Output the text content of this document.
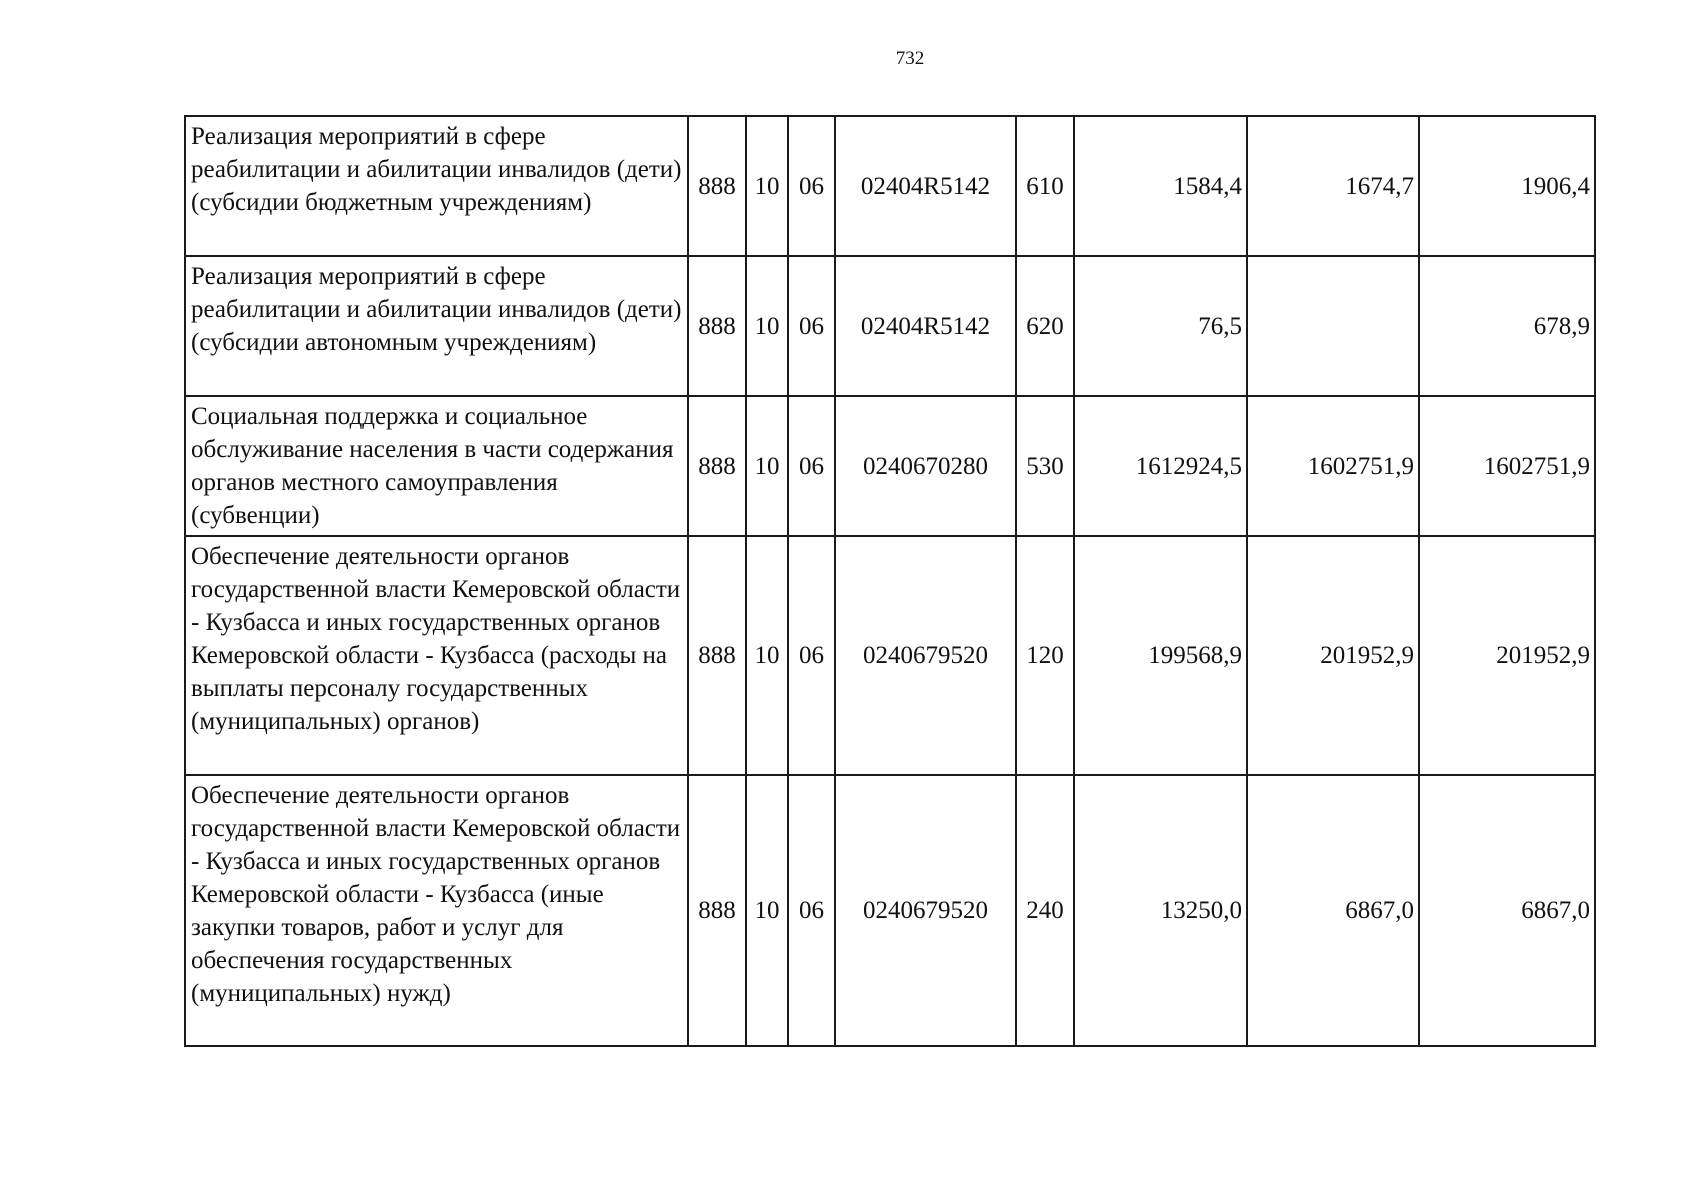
732
Реализация мероприятий в сфере реабилитации и абилитации инвалидов (дети) (субсидии бюджетным учреждениям)	888	10	06	02404R5142	610	1584,4	1674,7	1906,4
Реализация мероприятий в сфере реабилитации и абилитации инвалидов (дети) (субсидии автономным учреждениям)	888	10	06	02404R5142	620	76,5		678,9
Социальная поддержка и социальное обслуживание населения в части содержания органов местного самоуправления (субвенции)	888	10	06	0240670280	530	1612924,5	1602751,9	1602751,9
Обеспечение деятельности органов государственной власти Кемеровской области - Кузбасса и иных государственных органов Кемеровской области - Кузбасса (расходы на выплаты персоналу государственных (муниципальных) органов)	888	10	06	0240679520	120	199568,9	201952,9	201952,9
Обеспечение деятельности органов государственной власти Кемеровской области - Кузбасса и иных государственных органов Кемеровской области - Кузбасса (иные закупки товаров, работ и услуг для обеспечения государственных (муниципальных) нужд)	888	10	06	0240679520	240	13250,0	6867,0	6867,0
